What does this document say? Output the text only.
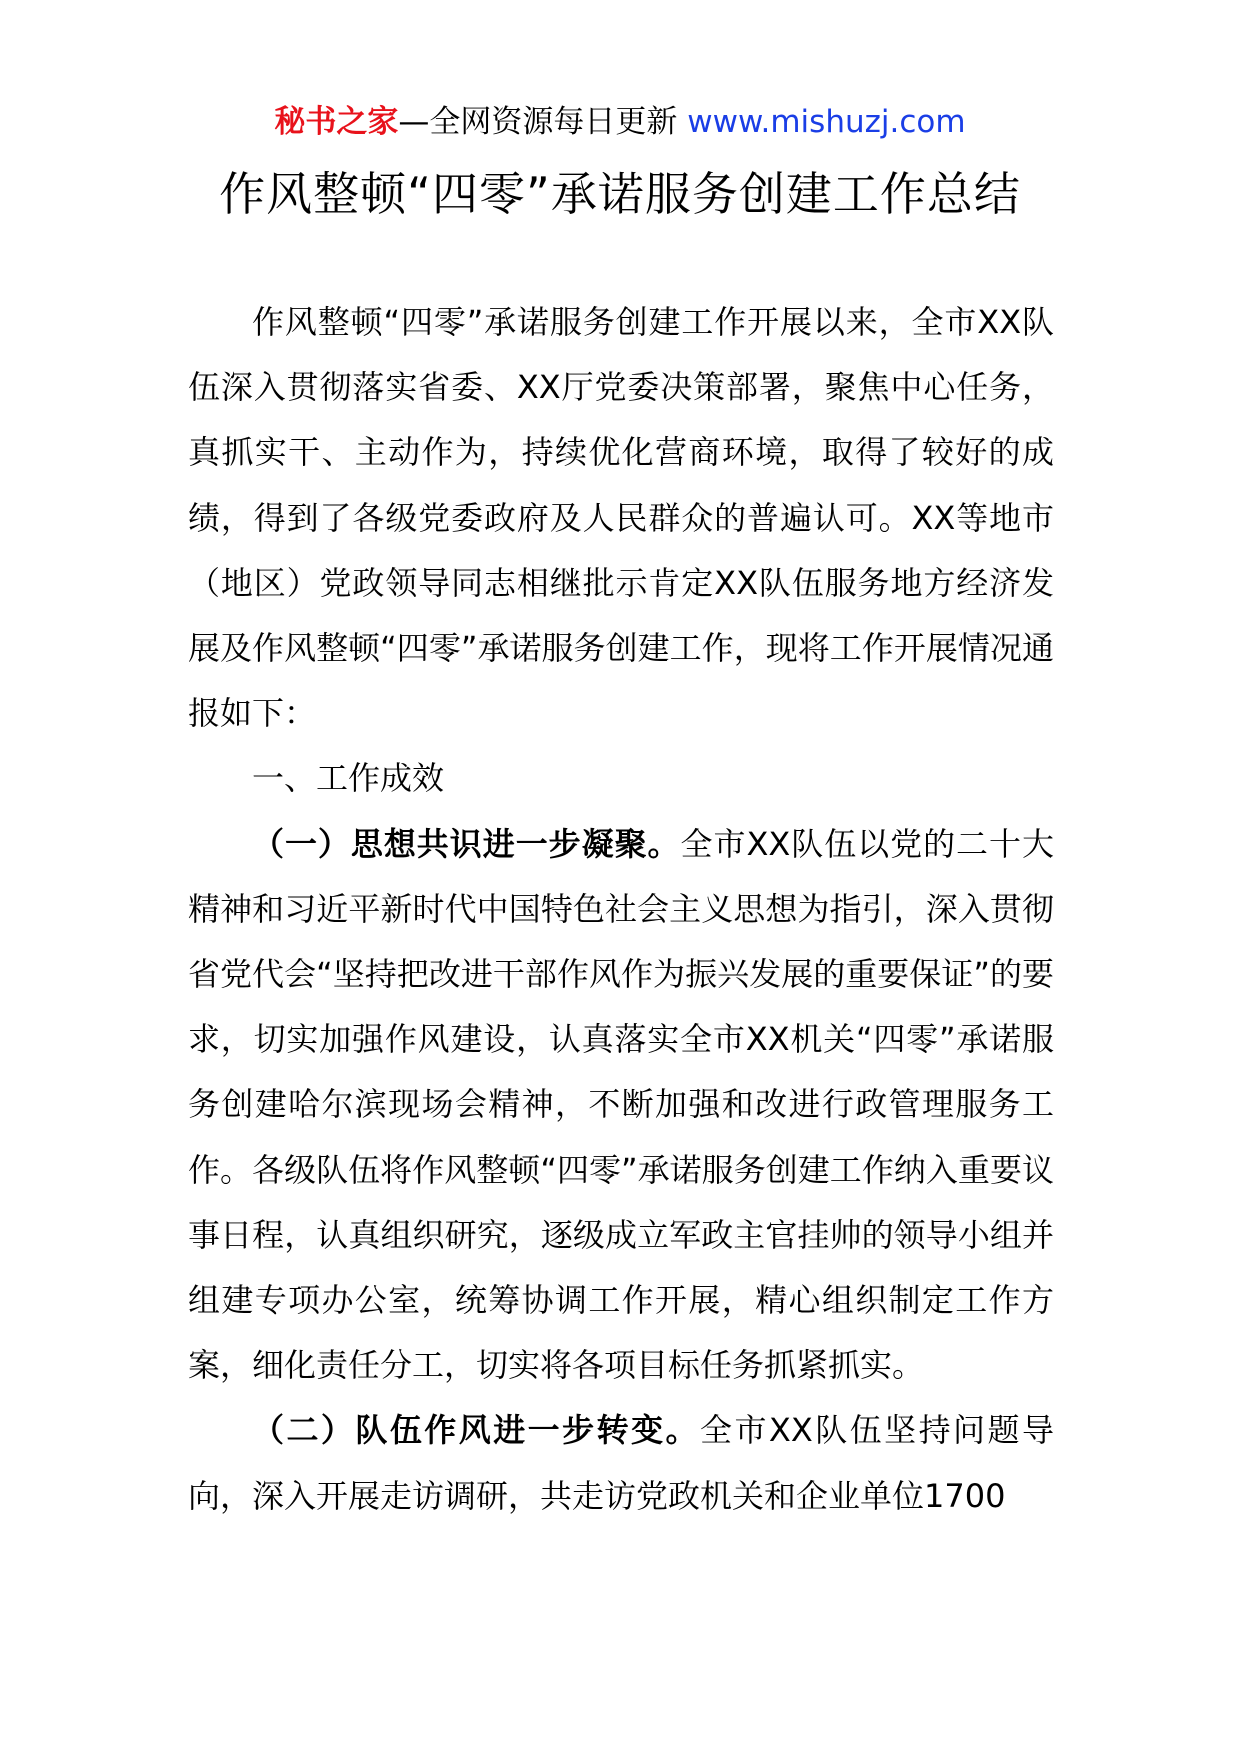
秘书之家—全网资源每日更新 www.mishuzj.com
作风整顿“四零”承诺服务创建工作总结

作风整顿“四零”承诺服务创建工作开展以来，全市XX队伍深入贯彻落实省委、XX厅党委决策部署，聚焦中心任务，真抓实干、主动作为，持续优化营商环境，取得了较好的成绩，得到了各级党委政府及人民群众的普遍认可。XX等地市（地区）党政领导同志相继批示肯定XX队伍服务地方经济发展及作风整顿“四零”承诺服务创建工作，现将工作开展情况通报如下：

一、工作成效

（一）思想共识进一步凝聚。全市XX队伍以党的二十大精神和习近平新时代中国特色社会主义思想为指引，深入贯彻省党代会“坚持把改进干部作风作为振兴发展的重要保证”的要求，切实加强作风建设，认真落实全市XX机关“四零”承诺服务创建哈尔滨现场会精神，不断加强和改进行政管理服务工作。各级队伍将作风整顿“四零”承诺服务创建工作纳入重要议事日程，认真组织研究，逐级成立军政主官挂帅的领导小组并组建专项办公室，统筹协调工作开展，精心组织制定工作方案，细化责任分工，切实将各项目标任务抓紧抓实。

（二）队伍作风进一步转变。全市XX队伍坚持问题导向，深入开展走访调研，共走访党政机关和企业单位1700
